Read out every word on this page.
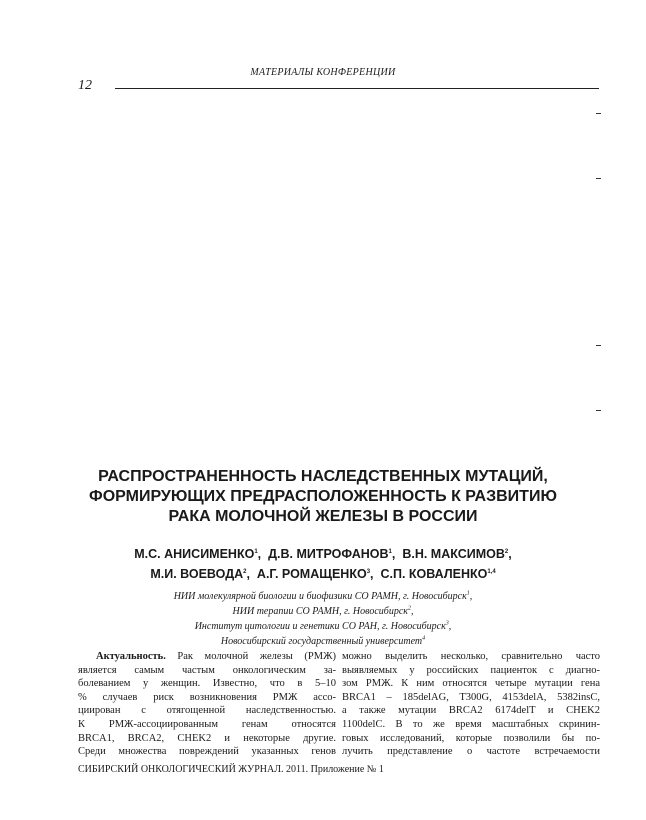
МАТЕРИАЛЫ КОНФЕРЕНЦИИ
12
РАСПРОСТРАНЕННОСТЬ НАСЛЕДСТВЕННЫХ МУТАЦИЙ,
ФОРМИРУЮЩИХ ПРЕДРАСПОЛОЖЕННОСТЬ К РАЗВИТИЮ
РАКА МОЛОЧНОЙ ЖЕЛЕЗЫ В РОССИИ
М.С. АНИСИМЕНКО$^1$,  Д.В. МИТРОФАНОВ$^1$,  В.Н. МАКСИМОВ$^2$,
М.И. ВОЕВОДА$^2$,  А.Г. РОМАЩЕНКО$^3$,  С.П. КОВАЛЕНКО$^{1,4}$
НИИ молекулярной биологии и биофизики СО РАМН, г. Новосибирск$^1$,
НИИ терапии СО РАМН, г. Новосибирск$^2$,
Институт цитологии и генетики СО РАН, г. Новосибирск$^3$,
Новосибирский государственный университет$^4$
Актуальность. Рак молочной железы (РМЖ)
является самым частым онкологическим за-
болеванием у женщин. Известно, что в 5–10
% случаев риск возникновения РМЖ ассо-
циирован с отягощенной наследственностью.
К РМЖ-ассоциированным генам относятся
BRCA1, BRCA2, CHEK2 и некоторые другие.
Среди множества повреждений указанных генов
можно выделить несколько, сравнительно часто
выявляемых у российских пациенток с диагно-
зом РМЖ. К ним относятся четыре мутации гена
BRCA1 – 185delAG, T300G, 4153delA, 5382insC,
а также мутации BRCA2 6174delT и CHEK2
1100delC. В то же время масштабных скринин-
говых исследований, которые позволили бы по-
лучить представление о частоте встречаемости
СИБИРСКИЙ ОНКОЛОГИЧЕСКИЙ ЖУРНАЛ. 2011. Приложение № 1
